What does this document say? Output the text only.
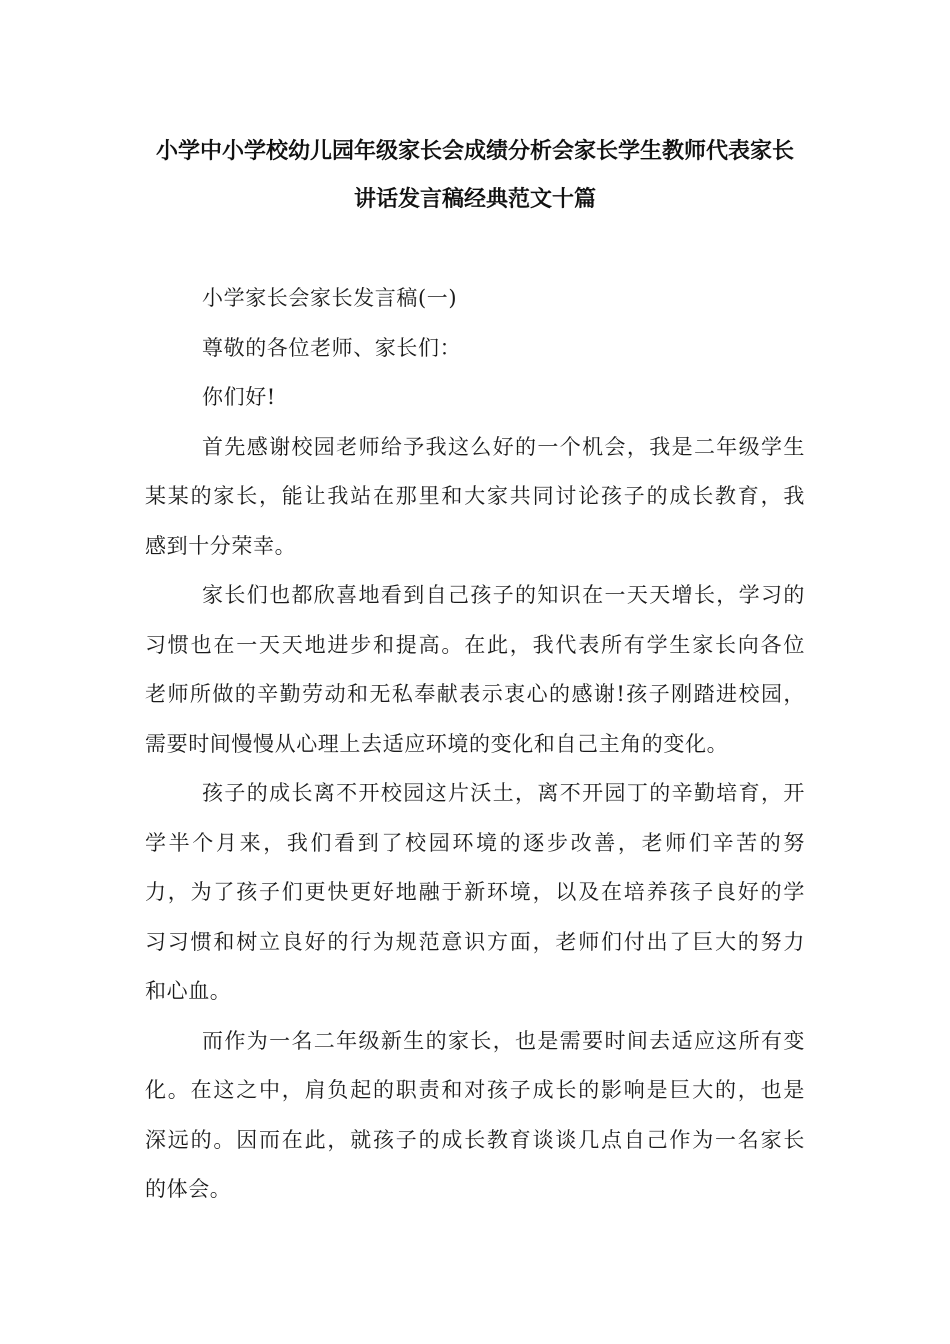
小学中小学校幼儿园年级家长会成绩分析会家长学生教师代表家长
讲话发言稿经典范文十篇

小学家长会家长发言稿(一)

尊敬的各位老师、家长们：

你们好!

首先感谢校园老师给予我这么好的一个机会，我是二年级学生
某某的家长，能让我站在那里和大家共同讨论孩子的成长教育，我
感到十分荣幸。

家长们也都欣喜地看到自己孩子的知识在一天天增长，学习的
习惯也在一天天地进步和提高。在此，我代表所有学生家长向各位
老师所做的辛勤劳动和无私奉献表示衷心的感谢!孩子刚踏进校园，
需要时间慢慢从心理上去适应环境的变化和自己主角的变化。

孩子的成长离不开校园这片沃土，离不开园丁的辛勤培育，开
学半个月来，我们看到了校园环境的逐步改善，老师们辛苦的努
力，为了孩子们更快更好地融于新环境，以及在培养孩子良好的学
习习惯和树立良好的行为规范意识方面，老师们付出了巨大的努力
和心血。

而作为一名二年级新生的家长，也是需要时间去适应这所有变
化。在这之中，肩负起的职责和对孩子成长的影响是巨大的，也是
深远的。因而在此，就孩子的成长教育谈谈几点自己作为一名家长
的体会。
